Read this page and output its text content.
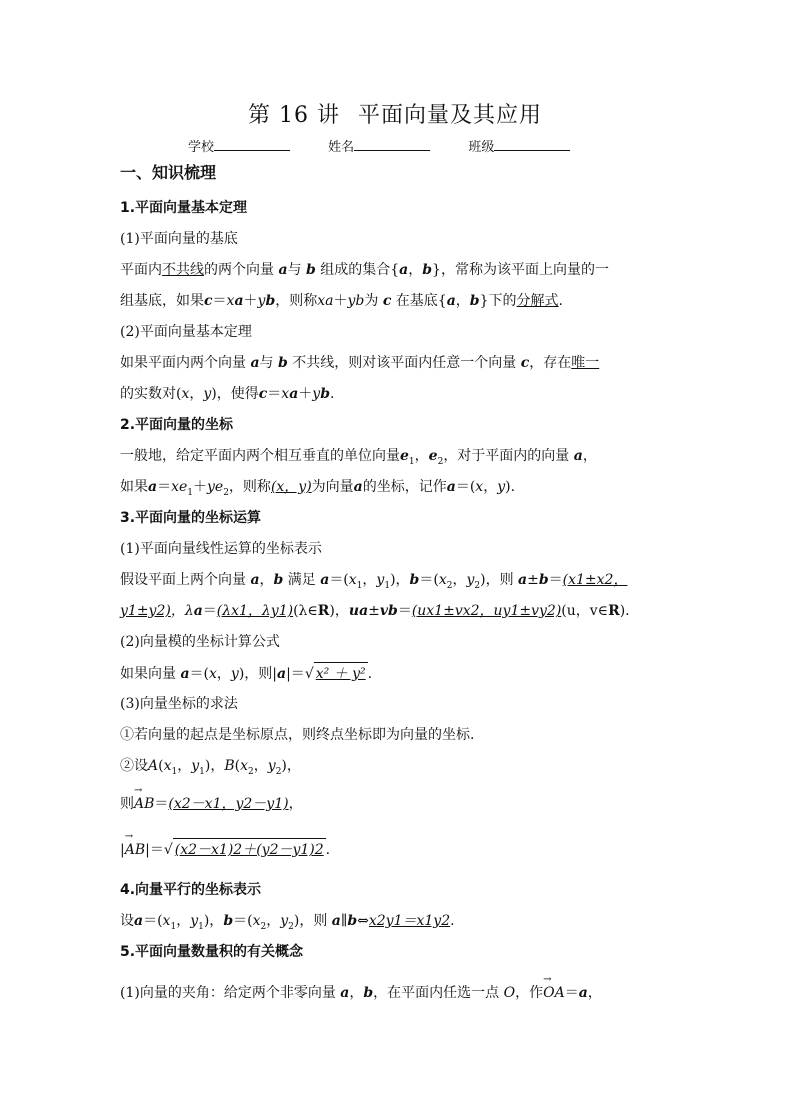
第 16 讲 平面向量及其应用
学校	姓名	班级
一、知识梳理
1.平面向量基本定理
(1)平面向量的基底
平面内不共线的两个向量 a与 b 组成的集合{a，b}，常称为该平面上向量的一
组基底，如果c＝xa＋yb，则称xa＋yb为 c 在基底{a，b}下的分解式.
(2)平面向量基本定理
如果平面内两个向量 a与 b 不共线，则对该平面内任意一个向量 c，存在唯一
的实数对(x，y)，使得c＝xa＋yb.
2.平面向量的坐标
一般地，给定平面内两个相互垂直的单位向量$e_1$，$e_2$，对于平面内的向量 a，
如果$a=xe_1+ye_2$，则称(x，y)为向量a的坐标，记作a＝(x，y).
3.平面向量的坐标运算
(1)平面向量线性运算的坐标表示
假设平面上两个向量 a，b 满足 $a=(x_1$，$y_1$)，$b=(x_2$，$y_2$)，则 a±b＝(x1±x2，
y1±y2)，λa＝(λx1，λy1)(λ∈R)，ua±vb＝(ux1±vx2，uy1±vy2)(u，v∈R).
(2)向量模的坐标计算公式
如果向量 a＝(x，y)，则|a|＝√ x² ＋ y² .
(3)向量坐标的求法
①若向量的起点是坐标原点，则终点坐标即为向量的坐标.
②设$A(x_1$，$y_1$)，$B(x_2$，$y_2$)，
则→ AB＝(x2－x1，y2－y1)，
|→ AB|＝√ (x2－x1)2＋(y2－y1)2 .
4.向量平行的坐标表示
设$a=(x_1$，$y_1$)，$b=(x_2$，$y_2$)，则 a∥b⇔x2y1＝x1y2.
5.平面向量数量积的有关概念
(1)向量的夹角：给定两个非零向量 a，b，在平面内任选一点 O，作→ OA＝a，
